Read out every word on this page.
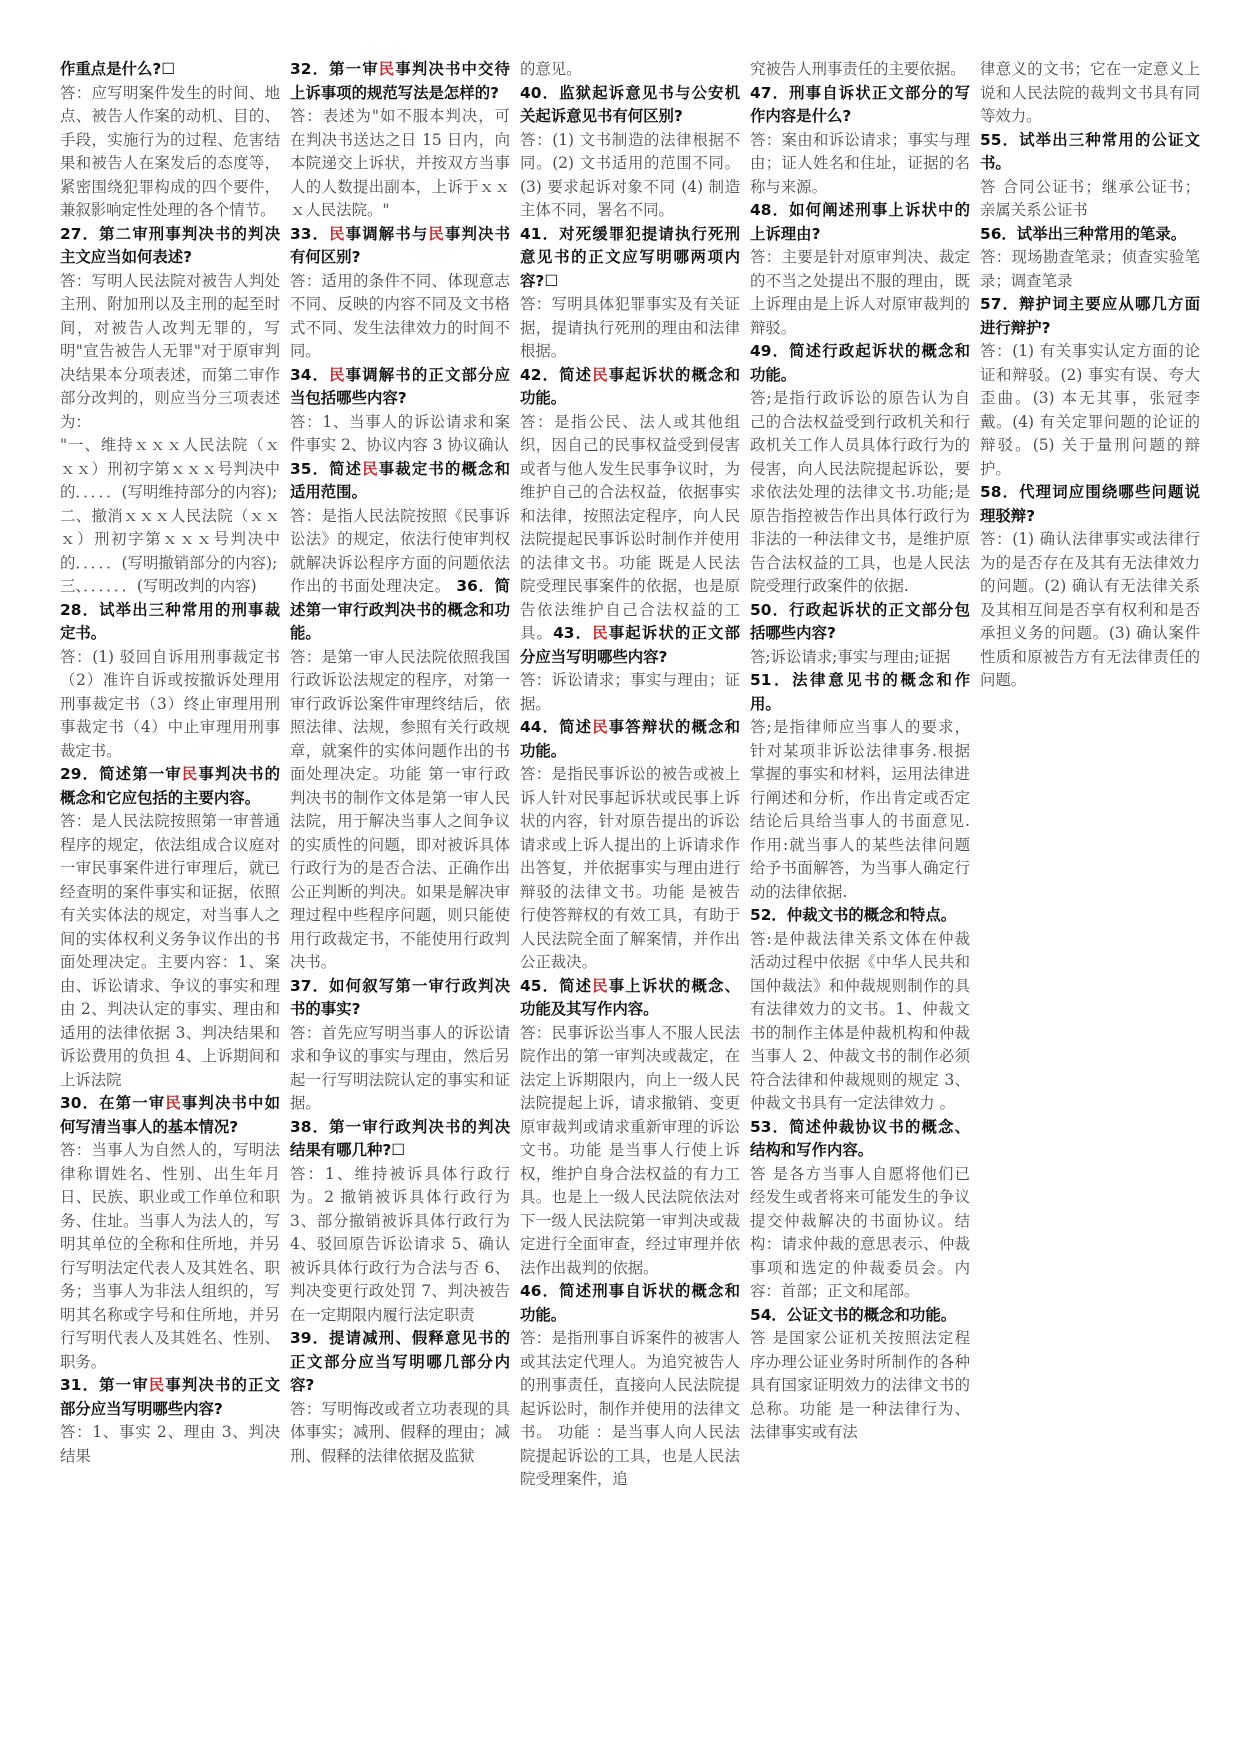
作重点是什么?☐

答：应写明案件发生的时间、地点、被告人作案的动机、目的、手段，实施行为的过程、危害结果和被告人在案发后的态度等，紧密围绕犯罪构成的四个要件，兼叙影响定性处理的各个情节。

27．第二审刑事判决书的判决主文应当如何表述?

答：写明人民法院对被告人判处主刑、附加刑以及主刑的起至时间，对被告人改判无罪的，写明"宣告被告人无罪"对于原审判决结果本分项表述，而第二审作部分改判的，则应当分三项表述为：

"一、维持ｘｘｘ人民法院（ｘｘｘ）刑初字第ｘｘｘ号判决中的．．．．．(写明维持部分的内容);

二、撤消ｘｘｘ人民法院（ｘｘｘ）刑初字第ｘｘｘ号判决中的．．．．．(写明撤销部分的内容);

三、．．．．．．(写明改判的内容)

28．试举出三种常用的刑事裁定书。

答：(1) 驳回自诉用刑事裁定书（2）准许自诉或按撤诉处理用刑事裁定书（3）终止审理用刑事裁定书（4）中止审理用刑事裁定书。

29．简述第一审民事判决书的概念和它应包括的主要内容。

答：是人民法院按照第一审普通程序的规定，依法组成合议庭对一审民事案件进行审理后，就已经查明的案件事实和证据，依照有关实体法的规定，对当事人之间的实体权利义务争议作出的书面处理决定。主要内容：1、案由、诉讼请求、争议的事实和理由 2、判决认定的事实、理由和适用的法律依据 3、判决结果和诉讼费用的负担 4、上诉期间和上诉法院

30．在第一审民事判决书中如何写清当事人的基本情况?

答：当事人为自然人的，写明法律称谓姓名、性别、出生年月日、民族、职业或工作单位和职务、住址。当事人为法人的，写明其单位的全称和住所地，并另行写明法定代表人及其姓名、职务；当事人为非法人组织的，写明其名称或字号和住所地，并另行写明代表人及其姓名、性别、职务。

31．第一审民事判决书的正文部分应当写明哪些内容?

答：1、事实 2、理由 3、判决结果

32．第一审民事判决书中交待上诉事项的规范写法是怎样的?

答：表述为"如不服本判决，可在判决书送达之日 15 日内，向本院递交上诉状，并按双方当事人的人数提出副本，上诉于ｘｘｘ人民法院。"

33．民事调解书与民事判决书有何区别?

答：适用的条件不同、体现意志不同、反映的内容不同及文书格式不同、发生法律效力的时间不同。

34．民事调解书的正文部分应当包括哪些内容?

答：1、当事人的诉讼请求和案件事实 2、协议内容 3 协议确认

35．简述民事裁定书的概念和适用范围。

答：是指人民法院按照《民事诉讼法》的规定，依法行使审判权就解决诉讼程序方面的问题依法作出的书面处理决定。 36．简述第一审行政判决书的概念和功能。

答：是第一审人民法院依照我国行政诉讼法规定的程序，对第一审行政诉讼案件审理终结后，依照法律、法规，参照有关行政规章，就案件的实体问题作出的书面处理决定。功能 第一审行政判决书的制作文体是第一审人民法院，用于解决当事人之间争议的实质性的问题，即对被诉具体行政行为的是否合法、正确作出公正判断的判决。如果是解决审理过程中些程序问题，则只能使用行政裁定书，不能使用行政判决书。

37．如何叙写第一审行政判决书的事实?

答：首先应写明当事人的诉讼请求和争议的事实与理由，然后另起一行写明法院认定的事实和证据。

38．第一审行政判决书的判决结果有哪几种?☐

答：1、维持被诉具体行政行为。2 撤销被诉具体行政行为 3、部分撤销被诉具体行政行为 4、驳回原告诉讼请求 5、确认被诉具体行政行为合法与否 6、判决变更行政处罚 7、判决被告在一定期限内履行法定职责

39．提请减刑、假释意见书的正文部分应当写明哪几部分内容?

答：写明悔改或者立功表现的具体事实；减刑、假释的理由；减刑、假释的法律依据及监狱

的意见。

40．监狱起诉意见书与公安机关起诉意见书有何区别?

答：(1) 文书制造的法律根据不同。(2) 文书适用的范围不同。(3) 要求起诉对象不同 (4) 制造主体不同，署名不同。

41．对死缓罪犯提请执行死刑意见书的正文应写明哪两项内容?☐

答：写明具体犯罪事实及有关证据，提请执行死刑的理由和法律根据。

42．简述民事起诉状的概念和功能。

答：是指公民、法人或其他组织，因自己的民事权益受到侵害或者与他人发生民事争议时，为维护自己的合法权益，依据事实和法律，按照法定程序，向人民法院提起民事诉讼时制作并使用的法律文书。功能 既是人民法院受理民事案件的依据，也是原告依法维护自己合法权益的工具。43．民事起诉状的正文部分应当写明哪些内容?

答：诉讼请求；事实与理由；证据。

44．简述民事答辩状的概念和功能。

答：是指民事诉讼的被告或被上诉人针对民事起诉状或民事上诉状的内容，针对原告提出的诉讼请求或上诉人提出的上诉请求作出答复，并依据事实与理由进行辩驳的法律文书。功能 是被告行使答辩权的有效工具，有助于人民法院全面了解案情，并作出公正裁决。

45．简述民事上诉状的概念、功能及其写作内容。

答：民事诉讼当事人不服人民法院作出的第一审判决或裁定，在法定上诉期限内，向上一级人民法院提起上诉，请求撤销、变更原审裁判或请求重新审理的诉讼文书。功能 是当事人行使上诉权，维护自身合法权益的有力工具。也是上一级人民法院依法对下一级人民法院第一审判决或裁定进行全面审查，经过审理并依法作出裁判的依据。

46．简述刑事自诉状的概念和功能。

答：是指刑事自诉案件的被害人或其法定代理人。为追究被告人的刑事责任，直接向人民法院提起诉讼时，制作并使用的法律文书。 功能 ：是当事人向人民法院提起诉讼的工具，也是人民法院受理案件，追

究被告人刑事责任的主要依据。

47．刑事自诉状正文部分的写作内容是什么?

答：案由和诉讼请求；事实与理由；证人姓名和住址，证据的名称与来源。

48．如何阐述刑事上诉状中的上诉理由?

答：主要是针对原审判决、裁定的不当之处提出不服的理由，既上诉理由是上诉人对原审裁判的辩驳。

49．简述行政起诉状的概念和功能。

答;是指行政诉讼的原告认为自己的合法权益受到行政机关和行政机关工作人员具体行政行为的侵害，向人民法院提起诉讼，要求依法处理的法律文书.功能;是原告指控被告作出具体行政行为非法的一种法律文书，是维护原告合法权益的工具，也是人民法院受理行政案件的依据.

50．行政起诉状的正文部分包括哪些内容?

答;诉讼请求;事实与理由;证据

51．法律意见书的概念和作用。

答;是指律师应当事人的要求，针对某项非诉讼法律事务.根据掌握的事实和材料，运用法律进行阐述和分析，作出肯定或否定结论后具给当事人的书面意见.作用:就当事人的某些法律问题给予书面解答，为当事人确定行动的法律依据.

52．仲裁文书的概念和特点。

答:是仲裁法律关系文体在仲裁活动过程中依据《中华人民共和国仲裁法》和仲裁规则制作的具有法律效力的文书。1、仲裁文书的制作主体是仲裁机构和仲裁当事人 2、仲裁文书的制作必须符合法律和仲裁规则的规定 3、仲裁文书具有一定法律效力 。

53．简述仲裁协议书的概念、结构和写作内容。

答 是各方当事人自愿将他们已经发生或者将来可能发生的争议提交仲裁解决的书面协议。结构：请求仲裁的意思表示、仲裁事项和选定的仲裁委员会。内容：首部；正文和尾部。

54．公证文书的概念和功能。

答 是国家公证机关按照法定程序办理公证业务时所制作的各种具有国家证明效力的法律文书的总称。功能 是一种法律行为、法律事实或有法

律意义的文书；它在一定意义上说和人民法院的裁判文书具有同等效力。

55．试举出三种常用的公证文书。

答 合同公证书；继承公证书；亲属关系公证书

56．试举出三种常用的笔录。

答：现场勘查笔录；侦查实验笔录；调查笔录

57．辩护词主要应从哪几方面进行辩护?

答：(1) 有关事实认定方面的论证和辩驳。(2) 事实有误、夸大歪曲。(3) 本无其事，张冠李戴。(4) 有关定罪问题的论证的辩驳。(5) 关于量刑问题的辩护。

58．代理词应围绕哪些问题说理驳辩?

答：(1) 确认法律事实或法律行为的是否存在及其有无法律效力的问题。(2) 确认有无法律关系及其相互间是否享有权利和是否承担义务的问题。(3) 确认案件性质和原被告方有无法律责任的问题。
